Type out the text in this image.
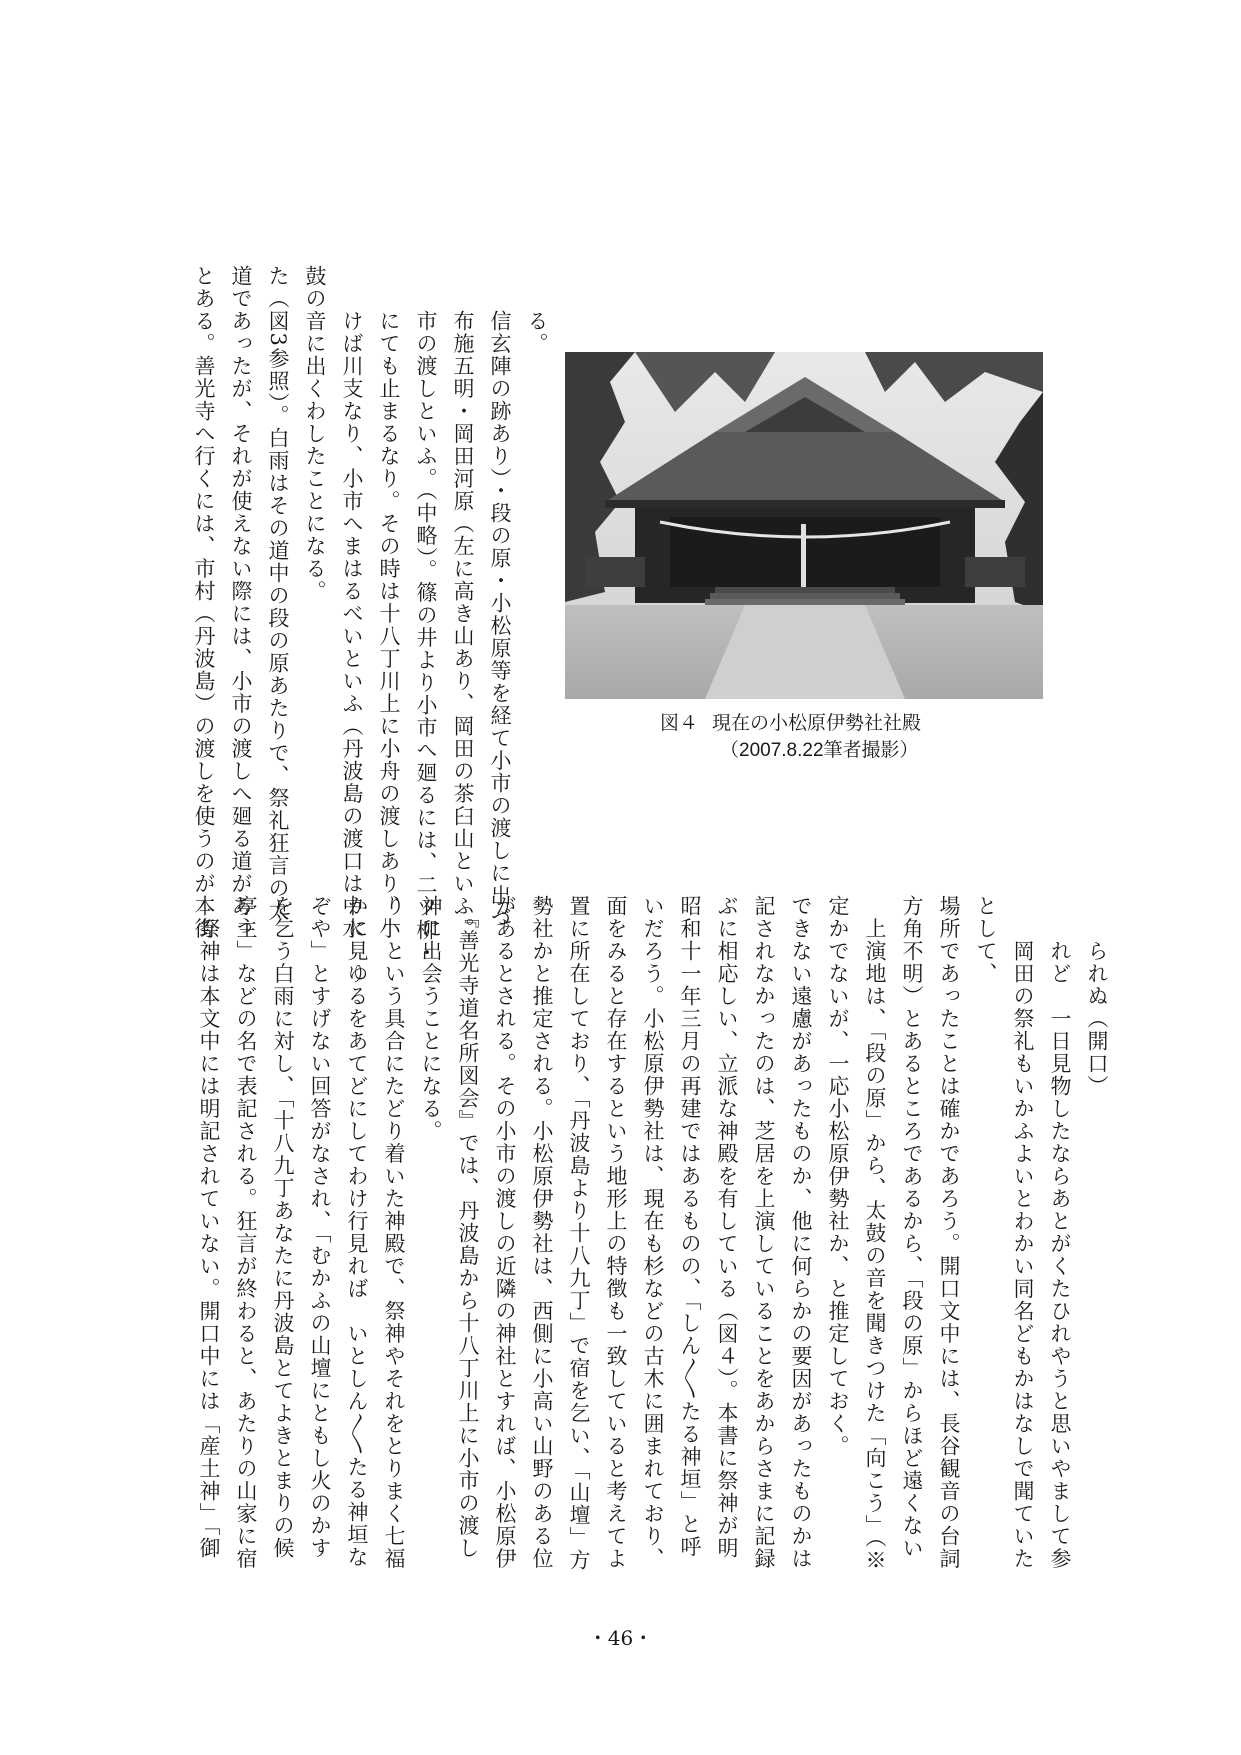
鼓の音に出くわしたことになる。
た（図3参照）。白雨はその道中の段の原あたりで、祭礼狂言の太
道であったが、それが使えない際には、小市の渡しへ廻る道があっ
とある。善光寺へ行くには、市村（丹波島）の渡しを使うのが本街	る。
信玄陣の跡あり）・段の原・小松原等を経て小市の渡しに出づ
布施五明・岡田河原（左に高き山あり、岡田の茶臼山といふ。
市の渡しといふ。（中略）。篠の井より小市へ廻るには、二ツ柳・
にても止まるなり。その時は十八丁川上に小舟の渡しあり、小
けば川支なり、小市へまはるべいといふ（丹波島の渡口は中水	図４ 現在の小松原伊勢社社殿
（2007.8.22筆者撮影）
　　られぬ（開口）
　　れど　一日見物したならあとがくたひれやうと思いやまして参
　　岡田の祭礼もいかふよいとわかい同名どもかはなしで聞ていた
として、
場所であったことは確かであろう。開口文中には、長谷観音の台詞
方角不明）とあるところであるから、「段の原」からほど遠くない
　上演地は、「段の原」から、太鼓の音を聞きつけた「向こう」（※
定かでないが、一応小松原伊勢社か、と推定しておく。
できない遠慮があったものか、他に何らかの要因があったものかは
記されなかったのは、芝居を上演していることをあからさまに記録
ぶに相応しい、立派な神殿を有している（図４）。本書に祭神が明
昭和十一年三月の再建ではあるものの、「しん〳〵たる神垣」と呼
いだろう。小松原伊勢社は、現在も杉などの古木に囲まれており、
面をみると存在するという地形上の特徴も一致していると考えてよ
置に所在しており、「丹波島より十八九丁」で宿を乞い、「山壇」方
勢社かと推定される。小松原伊勢社は、西側に小高い山野のある位
があるとされる。その小市の渡しの近隣の神社とすれば、小松原伊
　『善光寺道名所図会』では、丹波島から十八丁川上に小市の渡し
神に出会うことになる。
り」という具合にたどり着いた神殿で、祭神やそれをとりまく七福
かに見ゆるをあてどにしてわけ行見れば　いとしん〳〵たる神垣な
ぞや」とすげない回答がなされ、「むかふの山壇にともし火のかす
を乞う白雨に対し、「十八九丁あなたに丹波島とてよきとまりの候
亭主」などの名で表記される。狂言が終わると、あたりの山家に宿
　祭神は本文中には明記されていない。開口中には「産土神」「御
・46・
